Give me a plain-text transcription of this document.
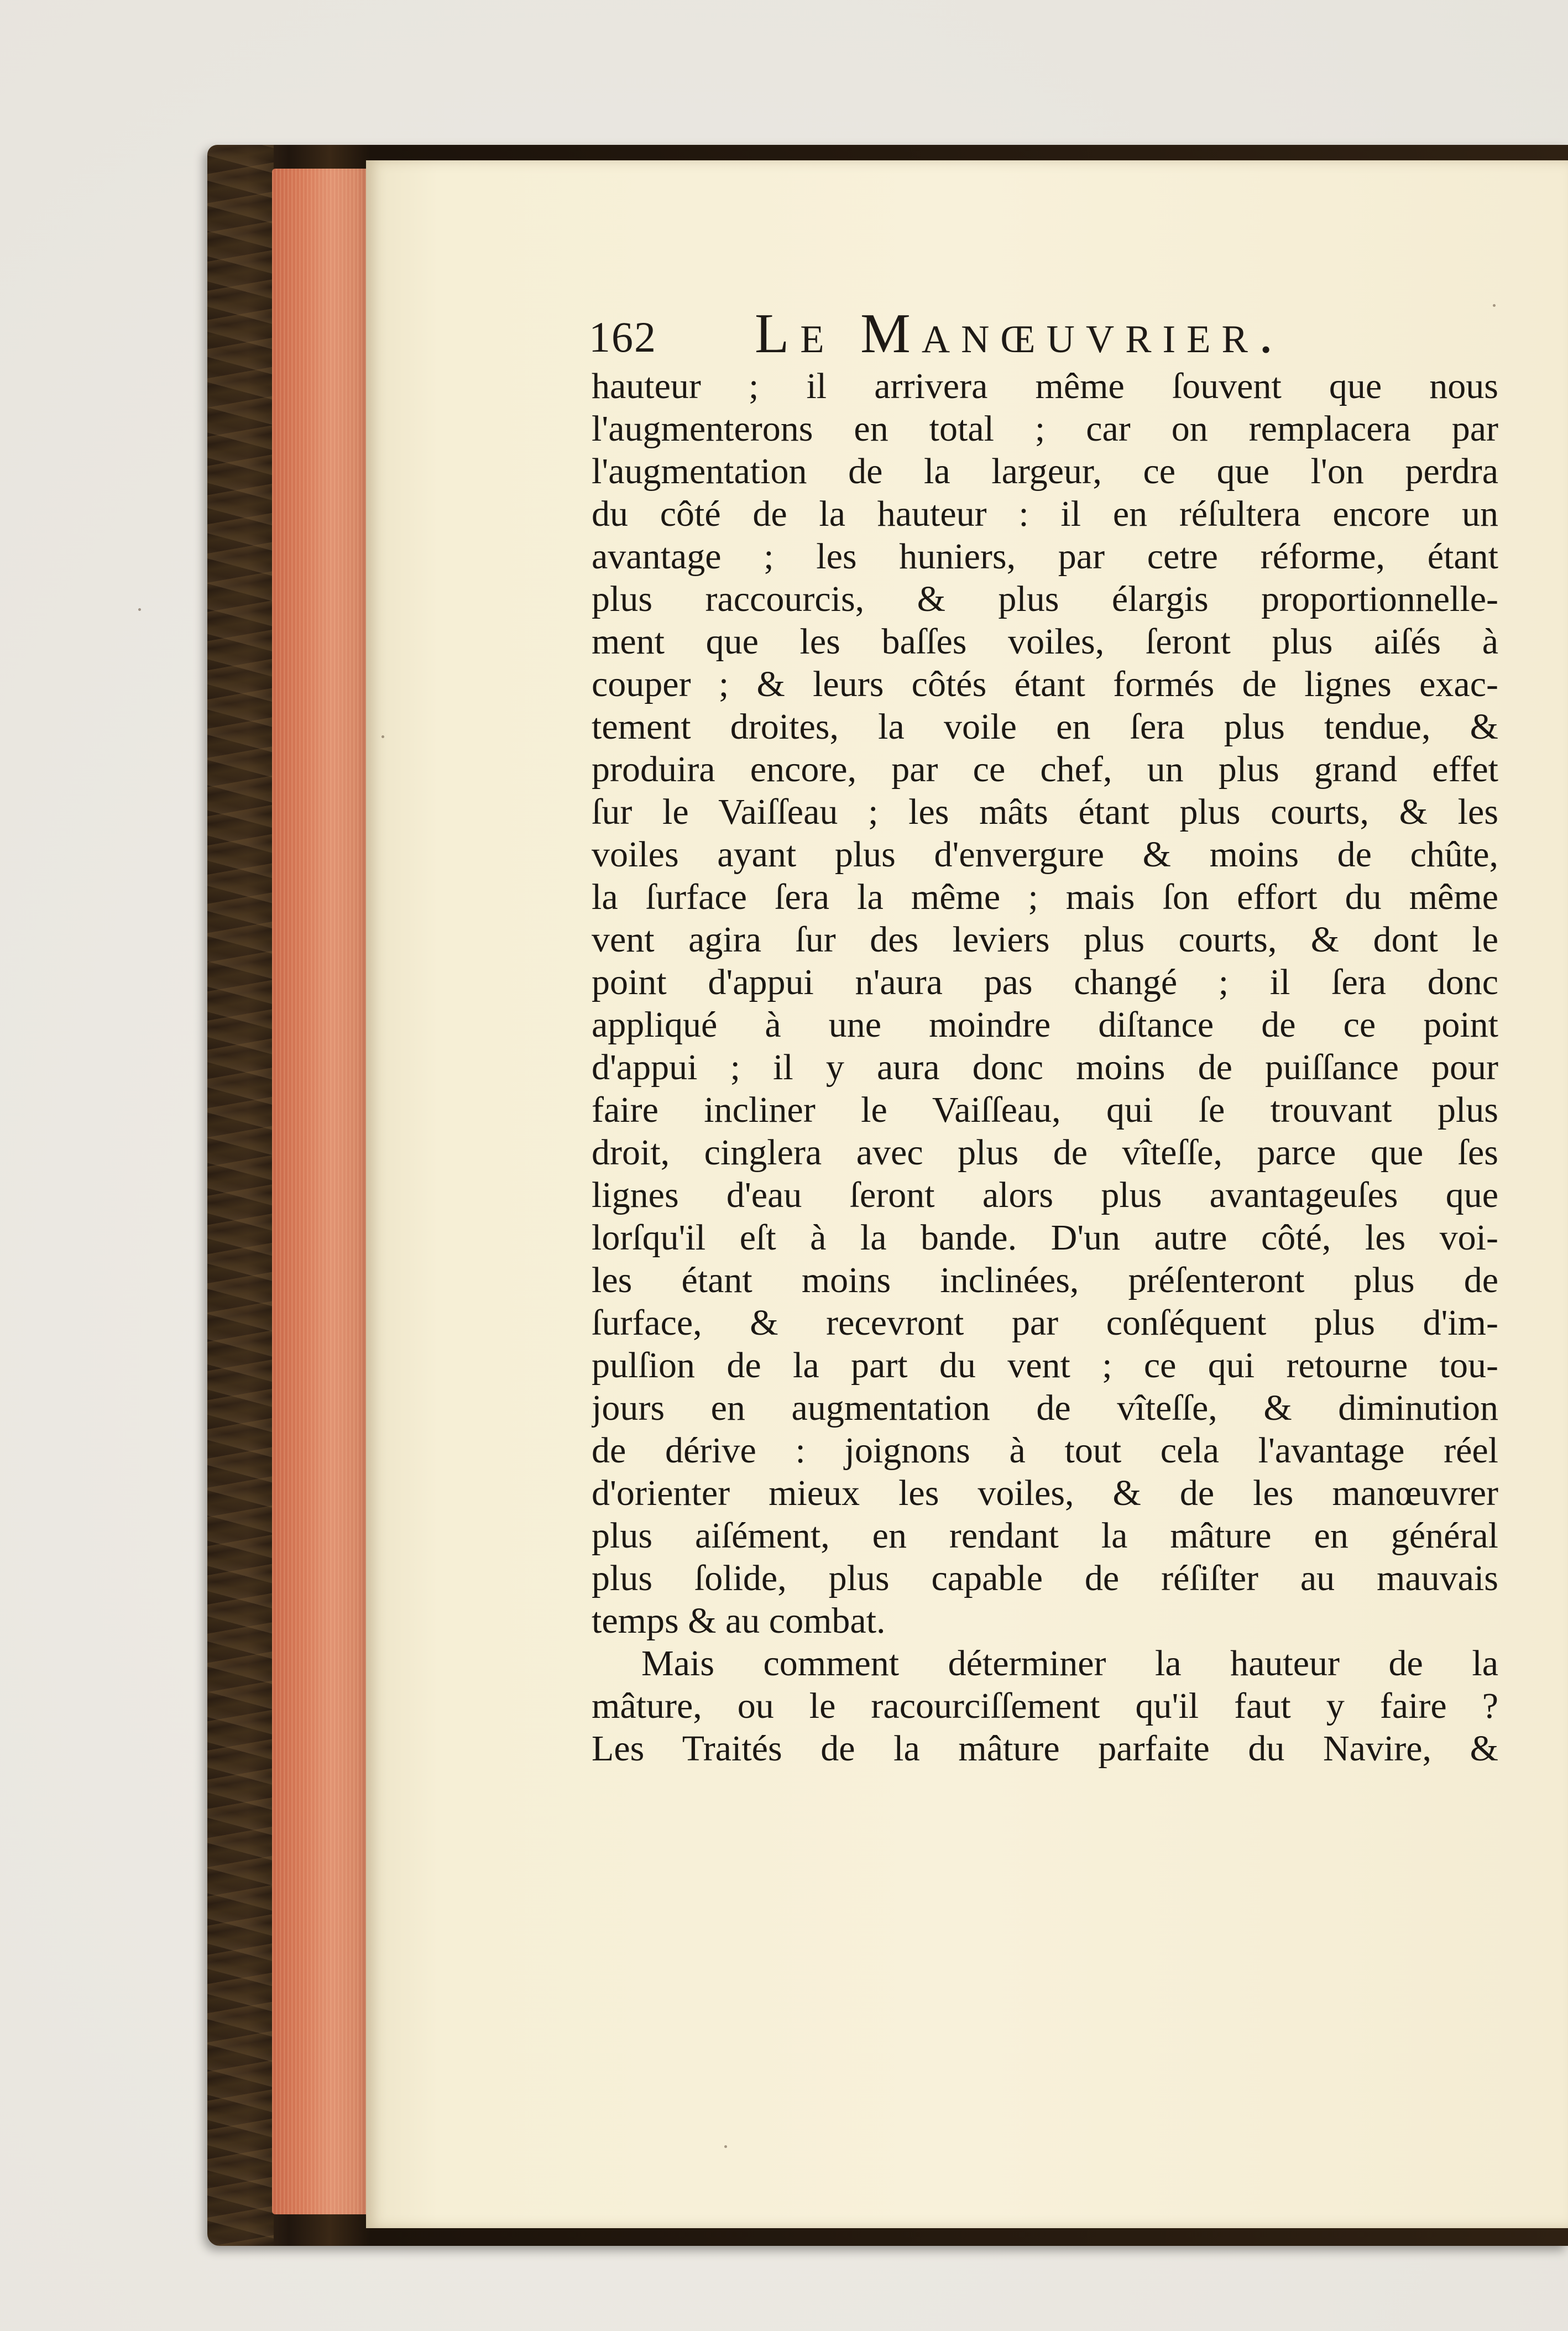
162 Le Manœuvrier.
hauteur ; il arrivera même ſouvent que nous
l'augmenterons en total ; car on remplacera par
l'augmentation de la largeur, ce que l'on perdra
du côté de la hauteur : il en réſultera encore un
avantage ; les huniers, par cetre réforme, étant
plus raccourcis, & plus élargis proportionnelle-
ment que les baſſes voiles, ſeront plus aiſés à
couper ; & leurs côtés étant formés de lignes exac-
tement droites, la voile en ſera plus tendue, &
produira encore, par ce chef, un plus grand effet
ſur le Vaiſſeau ; les mâts étant plus courts, & les
voiles ayant plus d'envergure & moins de chûte,
la ſurface ſera la même ; mais ſon effort du même
vent agira ſur des leviers plus courts, & dont le
point d'appui n'aura pas changé ; il ſera donc
appliqué à une moindre diſtance de ce point
d'appui ; il y aura donc moins de puiſſance pour
faire incliner le Vaiſſeau, qui ſe trouvant plus
droit, cinglera avec plus de vîteſſe, parce que ſes
lignes d'eau ſeront alors plus avantageuſes que
lorſqu'il eſt à la bande. D'un autre côté, les voi-
les étant moins inclinées, préſenteront plus de
ſurface, & recevront par conſéquent plus d'im-
pulſion de la part du vent ; ce qui retourne tou-
jours en augmentation de vîteſſe, & diminution
de dérive : joignons à tout cela l'avantage réel
d'orienter mieux les voiles, & de les manœuvrer
plus aiſément, en rendant la mâture en général
plus ſolide, plus capable de réſiſter au mauvais
temps & au combat.
Mais comment déterminer la hauteur de la
mâture, ou le racourciſſement qu'il faut y faire ?
Les Traités de la mâture parfaite du Navire, &
